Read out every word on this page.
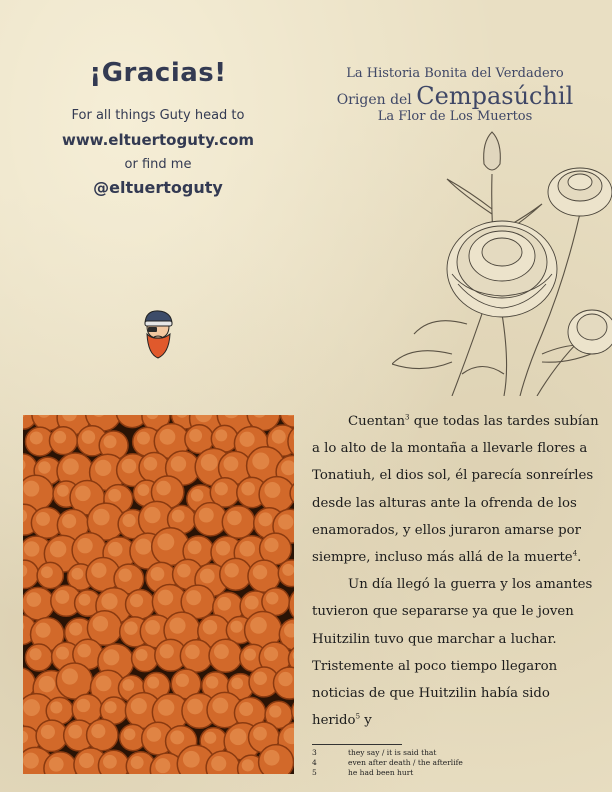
¡Gracias!
For all things Guty head to
www.eltuertoguty.com
or find me
@eltuertoguty
La Historia Bonita del Verdadero
Origen del Cempasúchil
La Flor de Los Muertos

Cuentan$^3$ que todas las tardes subían a lo alto de la montaña a llevarle flores a Tonatiuh, el dios sol, él parecía sonreírles desde las alturas ante la ofrenda de los enamorados, y ellos juraron amarse por siempre, incluso más allá de la muerte$^4$.

Un día llegó la guerra y los amantes tuvieron que separarse ya que le joven Huitzilin tuvo que marchar a luchar. Tristemente al poco tiempo llegaron noticias de que Huitzilin había sido herido$^5$ y

3	they say / it is said that
4	even after death / the afterlife
5	he had been hurt
